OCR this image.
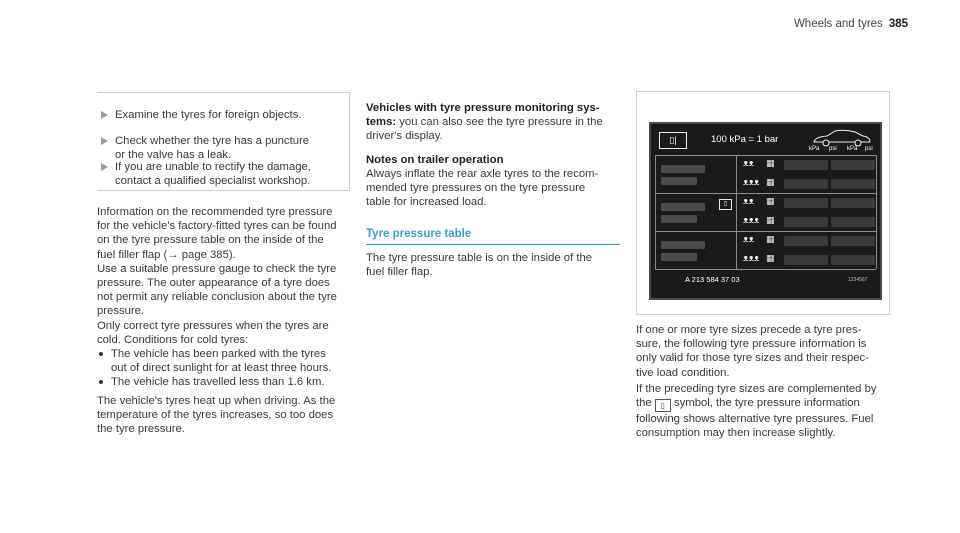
Wheels and tyres 385
Examine the tyres for foreign objects.
Check whether the tyre has a puncture
or the valve has a leak.
If you are unable to rectify the damage,
contact a qualified specialist workshop.

Information on the recommended tyre pressure
for the vehicle's factory-fitted tyres can be found
on the tyre pressure table on the inside of the
fuel filler flap (→ page 385).

Use a suitable pressure gauge to check the tyre
pressure. The outer appearance of a tyre does
not permit any reliable conclusion about the tyre
pressure.

Only correct tyre pressures when the tyres are
cold. Conditions for cold tyres:

The vehicle has been parked with the tyres
out of direct sunlight for at least three hours.

The vehicle has travelled less than 1.6 km.

The vehicle's tyres heat up when driving. As the
temperature of the tyres increases, so too does
the tyre pressure.

Vehicles with tyre pressure monitoring sys-
tems: you can also see the tyre pressure in the
driver's display.

Notes on trailer operation
Always inflate the rear axle tyres to the recom-
mended tyre pressures on the tyre pressure
table for increased load.

Tyre pressure table
The tyre pressure table is on the inside of the
fuel filler flap.
▯|	100 kPa = 1 bar
kPa psi kPa psi
▯
ᴥᴥ ▦
ᴥᴥᴥ ▦
ᴥᴥ ▦
ᴥᴥᴥ ▦
ᴥᴥ ▦
ᴥᴥᴥ ▦
A 213 584 37 03	1234567

If one or more tyre sizes precede a tyre pres-
sure, the following tyre pressure information is
only valid for those tyre sizes and their respec-
tive load condition.

If the preceding tyre sizes are complemented by
the ▯ symbol, the tyre pressure information
following shows alternative tyre pressures. Fuel
consumption may then increase slightly.
